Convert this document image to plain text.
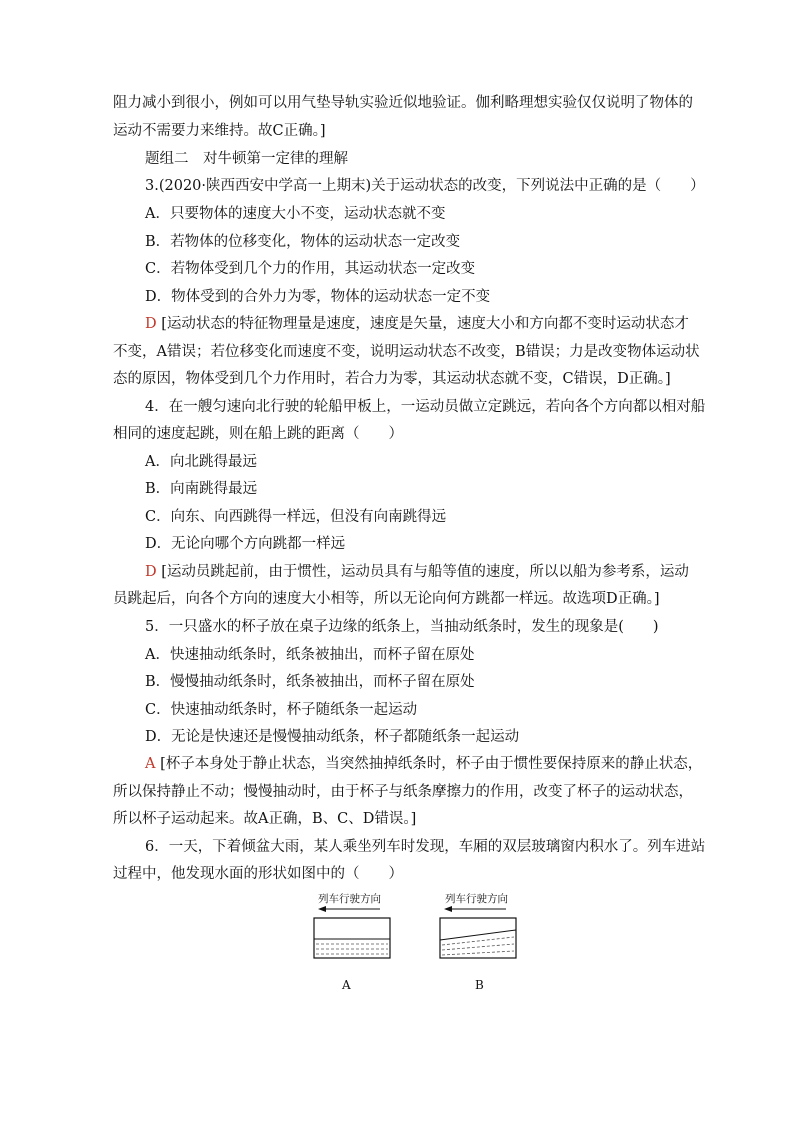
阻力减小到很小，例如可以用气垫导轨实验近似地验证。伽利略理想实验仅仅说明了物体的
运动不需要力来维持。故C正确。]
题组二　对牛顿第一定律的理解
3.(2020·陕西西安中学高一上期末)关于运动状态的改变，下列说法中正确的是（　　）
A．只要物体的速度大小不变，运动状态就不变
B．若物体的位移变化，物体的运动状态一定改变
C．若物体受到几个力的作用，其运动状态一定改变
D．物体受到的合外力为零，物体的运动状态一定不变
D [运动状态的特征物理量是速度，速度是矢量，速度大小和方向都不变时运动状态才
不变，A错误；若位移变化而速度不变，说明运动状态不改变，B错误；力是改变物体运动状
态的原因，物体受到几个力作用时，若合力为零，其运动状态就不变，C错误，D正确。]
4．在一艘匀速向北行驶的轮船甲板上，一运动员做立定跳远，若向各个方向都以相对船
相同的速度起跳，则在船上跳的距离（　　）
A．向北跳得最远
B．向南跳得最远
C．向东、向西跳得一样远，但没有向南跳得远
D．无论向哪个方向跳都一样远
D [运动员跳起前，由于惯性，运动员具有与船等值的速度，所以以船为参考系，运动
员跳起后，向各个方向的速度大小相等，所以无论向何方跳都一样远。故选项D正确。]
5．一只盛水的杯子放在桌子边缘的纸条上，当抽动纸条时，发生的现象是(　　)
A．快速抽动纸条时，纸条被抽出，而杯子留在原处
B．慢慢抽动纸条时，纸条被抽出，而杯子留在原处
C．快速抽动纸条时，杯子随纸条一起运动
D．无论是快速还是慢慢抽动纸条，杯子都随纸条一起运动
A [杯子本身处于静止状态，当突然抽掉纸条时，杯子由于惯性要保持原来的静止状态，
所以保持静止不动；慢慢抽动时，由于杯子与纸条摩擦力的作用，改变了杯子的运动状态，
所以杯子运动起来。故A正确，B、C、D错误。]
6．一天，下着倾盆大雨，某人乘坐列车时发现，车厢的双层玻璃窗内积水了。列车进站
过程中，他发现水面的形状如图中的（　　）
列车行驶方向
A
列车行驶方向
B
